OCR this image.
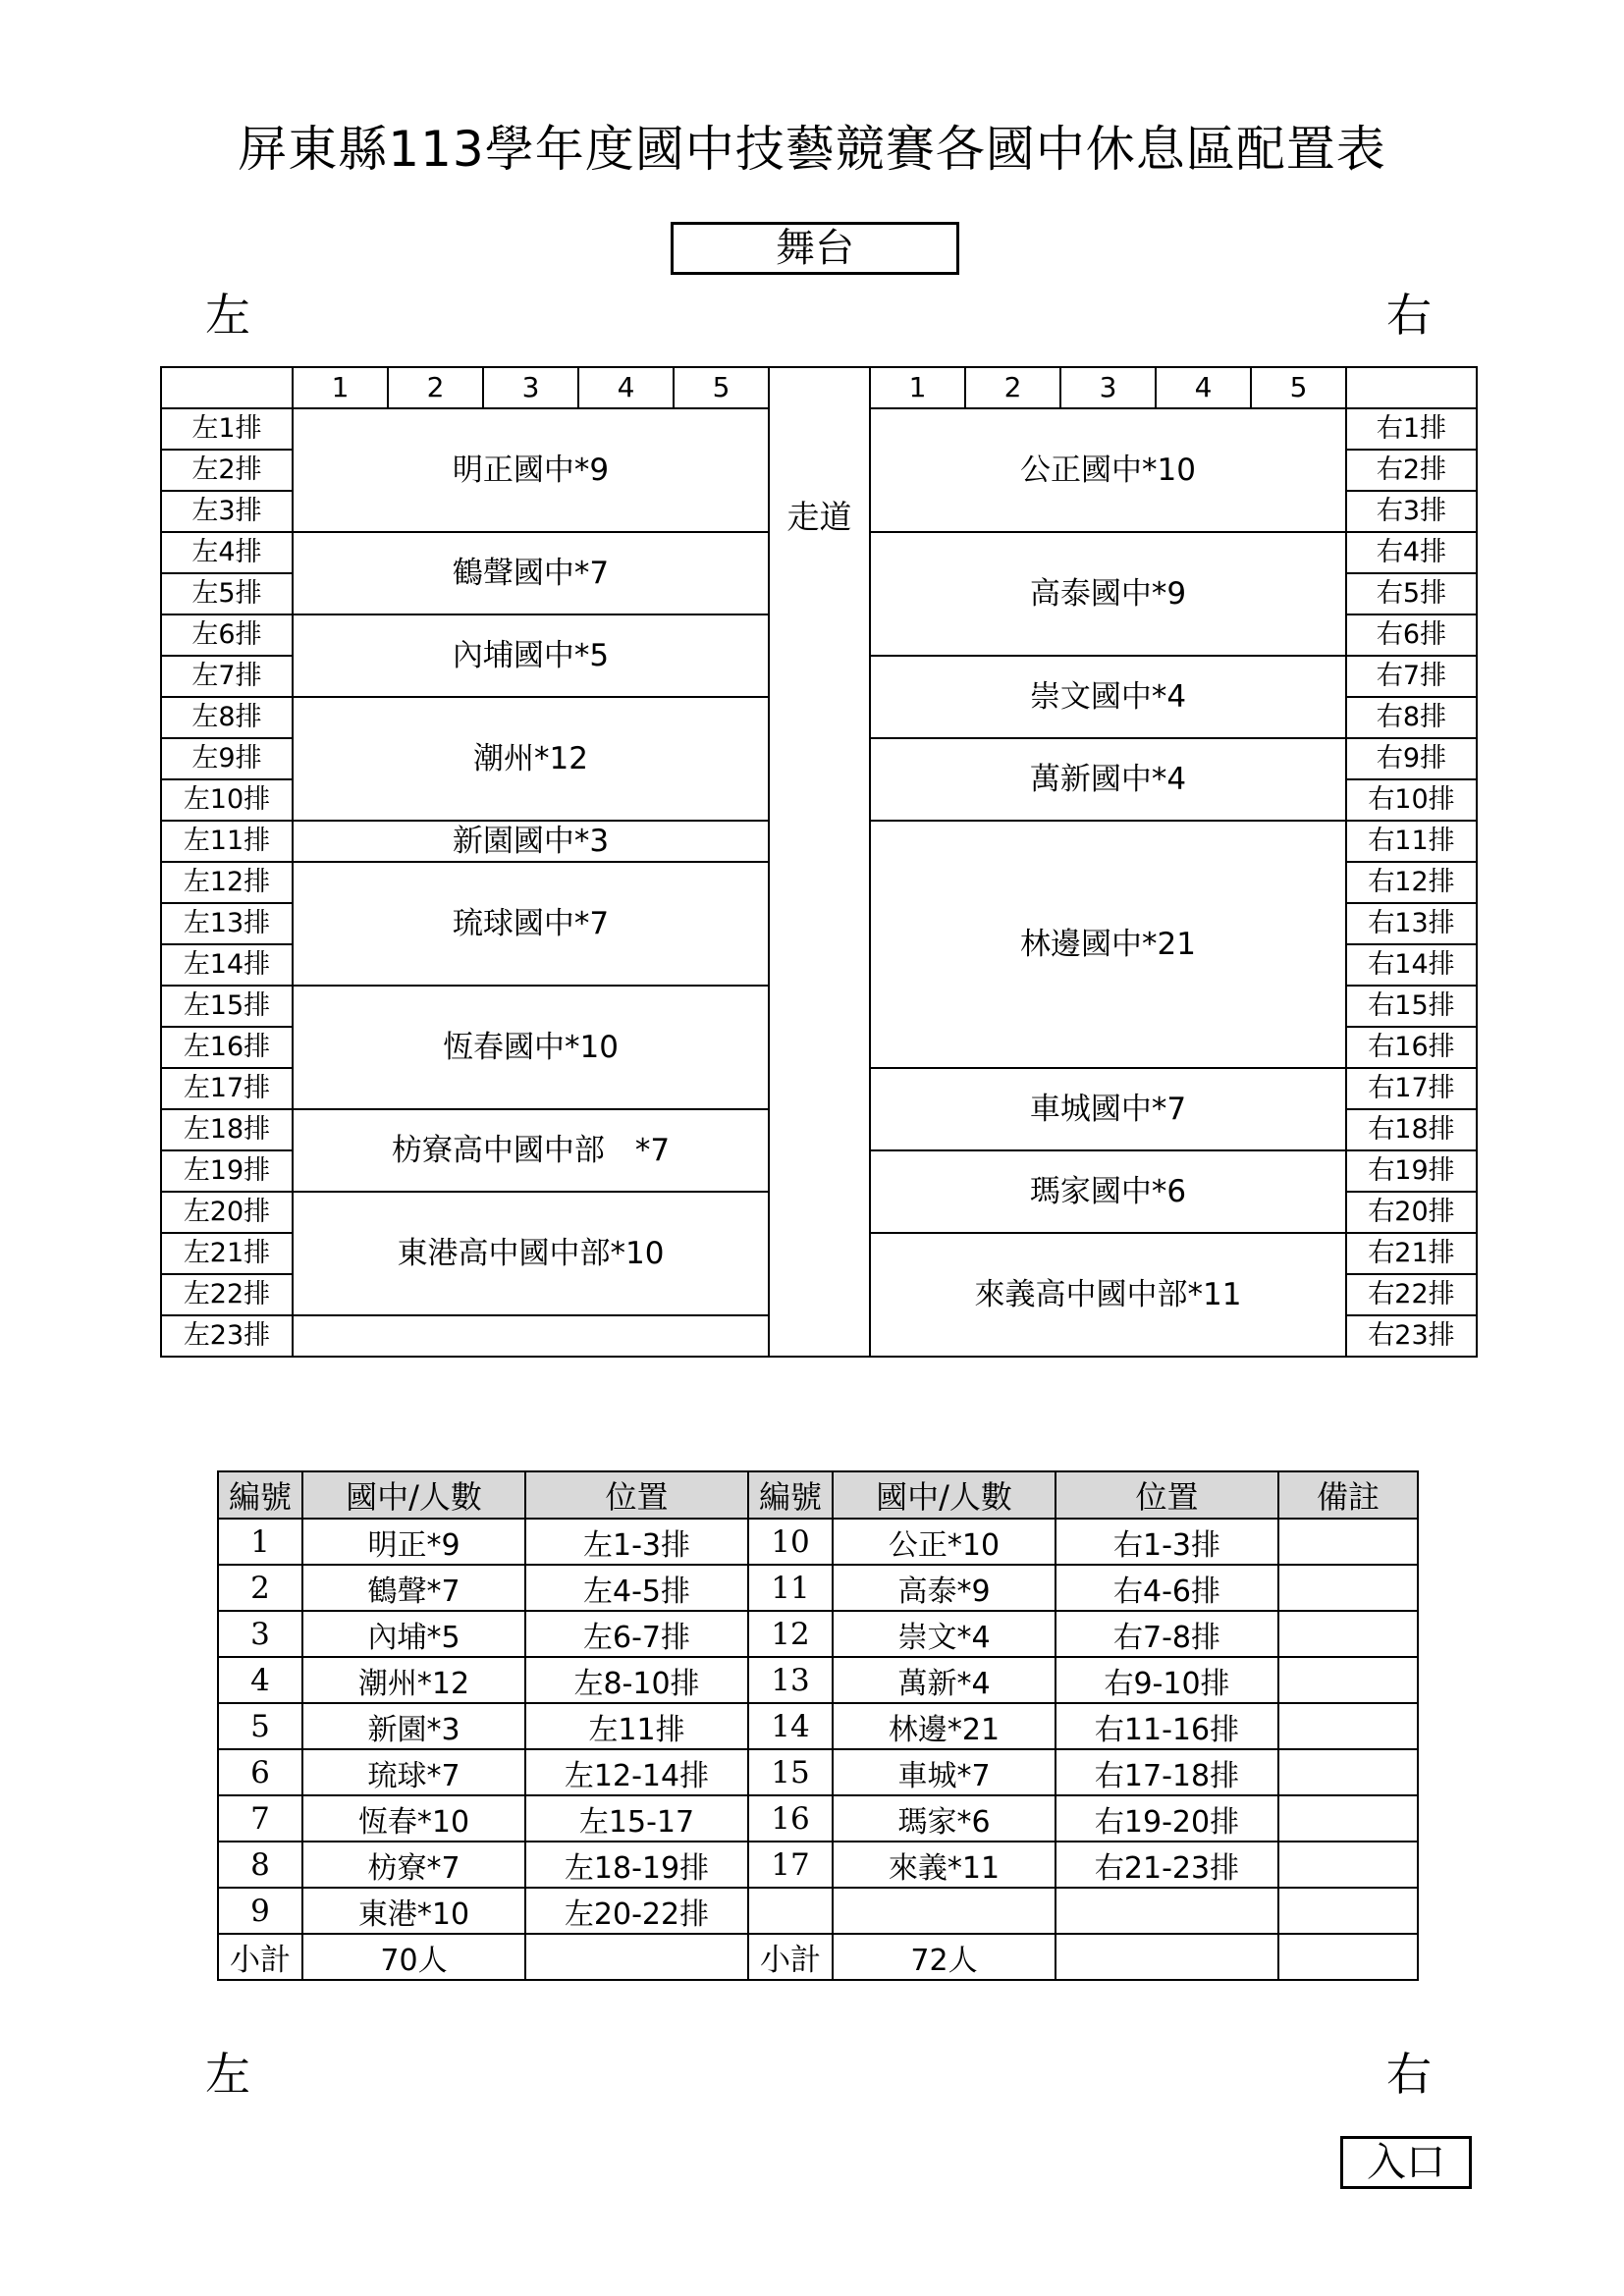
屏東縣113學年度國中技藝競賽各國中休息區配置表
舞台
左	右
	1	2	3	4	5	走道	1	2	3	4	5	
左1排	明正國中*9						公正國中*10					右1排
左2排												右2排
左3排												右3排
左4排	鶴聲國中*7						高泰國中*9					右4排
左5排												右5排
左6排	內埔國中*5											右6排
左7排							崇文國中*4					右7排
左8排	潮州*12											右8排
左9排							萬新國中*4					右9排
左10排												右10排
左11排	新園國中*3						林邊國中*21					右11排
左12排	琉球國中*7											右12排
左13排												右13排
左14排												右14排
左15排	恆春國中*10											右15排
左16排												右16排
左17排							車城國中*7					右17排
左18排	枋寮高中國中部　*7											右18排
左19排							瑪家國中*6					右19排
左20排	東港高中國中部*10											右20排
左21排							來義高中國中部*11					右21排
左22排												右22排
左23排												右23排
編號	國中/人數	位置	編號	國中/人數	位置	備註
1	明正*9	左1-3排	10	公正*10	右1-3排	
2	鶴聲*7	左4-5排	11	高泰*9	右4-6排	
3	內埔*5	左6-7排	12	崇文*4	右7-8排	
4	潮州*12	左8-10排	13	萬新*4	右9-10排	
5	新園*3	左11排	14	林邊*21	右11-16排	
6	琉球*7	左12-14排	15	車城*7	右17-18排	
7	恆春*10	左15-17	16	瑪家*6	右19-20排	
8	枋寮*7	左18-19排	17	來義*11	右21-23排	
9	東港*10	左20-22排				
小計	70人		小計	72人		
左	右
入口
